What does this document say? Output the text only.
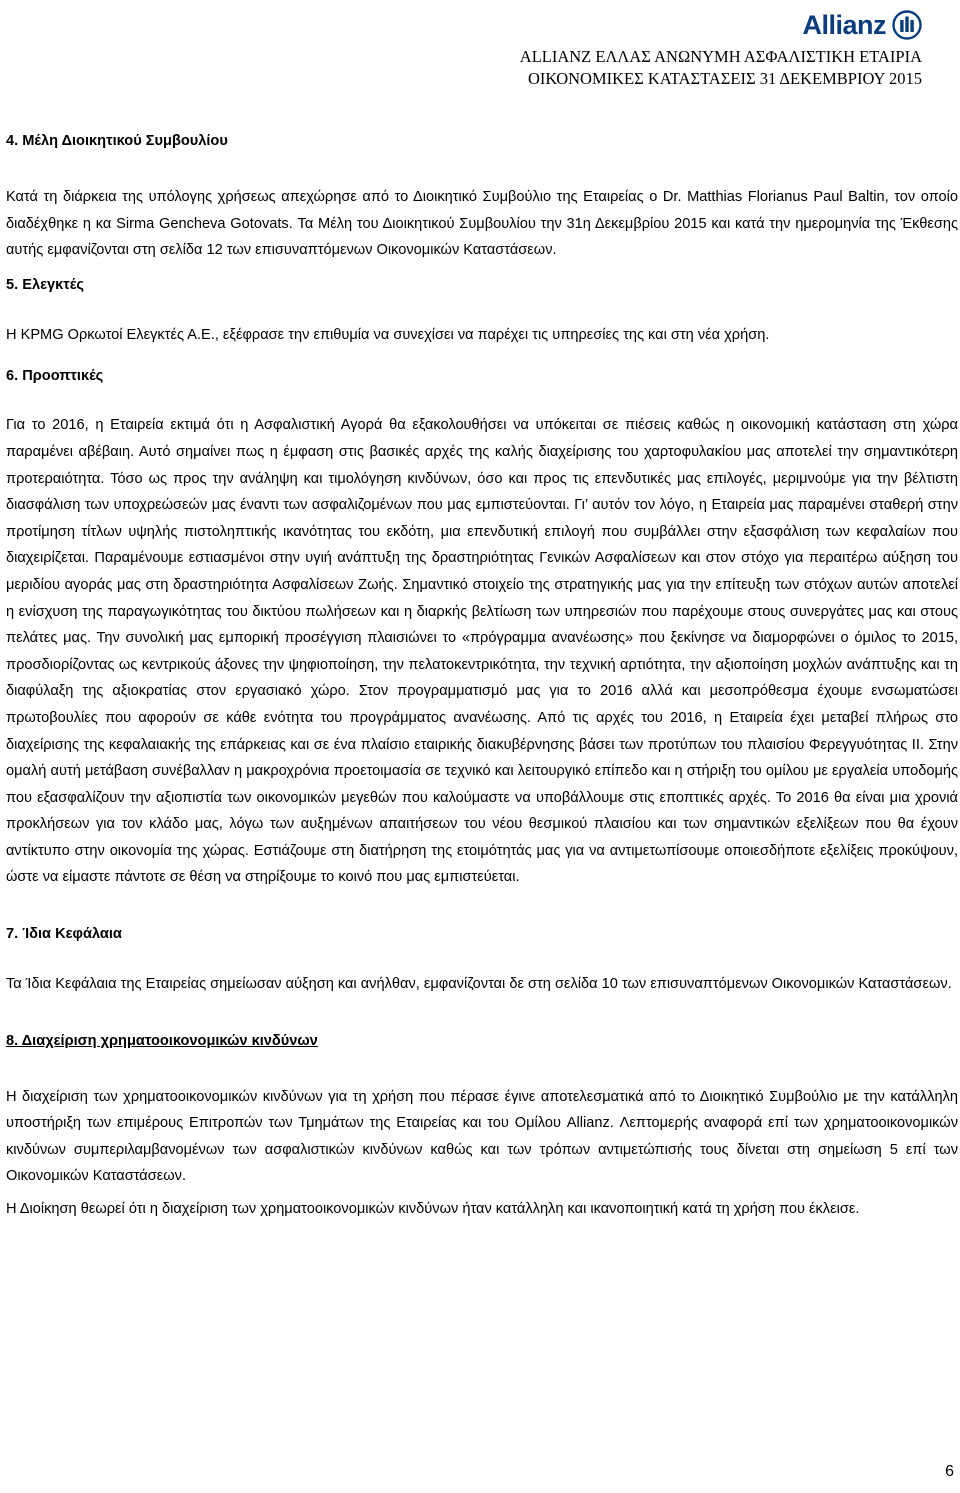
Allianz
ALLIANZ ΕΛΛΑΣ ΑΝΩΝΥΜΗ ΑΣΦΑΛΙΣΤΙΚΗ ΕΤΑΙΡΙΑ
ΟΙΚΟΝΟΜΙΚΕΣ ΚΑΤΑΣΤΑΣΕΙΣ 31 ΔΕΚΕΜΒΡΙΟΥ 2015

4. Μέλη Διοικητικού Συμβουλίου

Κατά τη διάρκεια της υπόλογης χρήσεως απεχώρησε από το Διοικητικό Συμβούλιο της Εταιρείας ο Dr. Matthias Florianus Paul Baltin, τον οποίο διαδέχθηκε η κα Sirma Gencheva Gotovats. Τα Μέλη του Διοικητικού Συμβουλίου την 31η Δεκεμβρίου 2015 και κατά την ημερομηνία της Έκθεσης αυτής εμφανίζονται στη σελίδα 12 των επισυναπτόμενων Οικονομικών Καταστάσεων.

5. Ελεγκτές

Η KPMG Ορκωτοί Ελεγκτές Α.Ε., εξέφρασε την επιθυμία να συνεχίσει να παρέχει τις υπηρεσίες της και στη νέα χρήση.

6. Προοπτικές

Για το 2016, η Εταιρεία εκτιμά ότι η Ασφαλιστική Αγορά θα εξακολουθήσει να υπόκειται σε πιέσεις καθώς η οικονομική κατάσταση στη χώρα παραμένει αβέβαιη. Αυτό σημαίνει πως η έμφαση στις βασικές αρχές της καλής διαχείρισης του χαρτοφυλακίου μας αποτελεί την σημαντικότερη προτεραιότητα. Τόσο ως προς την ανάληψη και τιμολόγηση κινδύνων, όσο και προς τις επενδυτικές μας επιλογές, μεριμνούμε για την βέλτιστη διασφάλιση των υποχρεώσεών μας έναντι των ασφαλιζομένων που μας εμπιστεύονται. Γι’ αυτόν τον λόγο, η Εταιρεία μας παραμένει σταθερή στην προτίμηση τίτλων υψηλής πιστοληπτικής ικανότητας του εκδότη, μια επενδυτική επιλογή που συμβάλλει στην εξασφάλιση των κεφαλαίων που διαχειρίζεται. Παραμένουμε εστιασμένοι στην υγιή ανάπτυξη της δραστηριότητας Γενικών Ασφαλίσεων και στον στόχο για περαιτέρω αύξηση του μεριδίου αγοράς μας στη δραστηριότητα Ασφαλίσεων Ζωής. Σημαντικό στοιχείο της στρατηγικής μας για την επίτευξη των στόχων αυτών αποτελεί η ενίσχυση της παραγωγικότητας του δικτύου πωλήσεων και η διαρκής βελτίωση των υπηρεσιών που παρέχουμε στους συνεργάτες μας και στους πελάτες μας. Την συνολική μας εμπορική προσέγγιση πλαισιώνει το «πρόγραμμα ανανέωσης» που ξεκίνησε να διαμορφώνει ο όμιλος το 2015, προσδιορίζοντας ως κεντρικούς άξονες την ψηφιοποίηση, την πελατοκεντρικότητα, την τεχνική αρτιότητα, την αξιοποίηση μοχλών ανάπτυξης και τη διαφύλαξη της αξιοκρατίας στον εργασιακό χώρο. Στον προγραμματισμό μας για το 2016 αλλά και μεσοπρόθεσμα έχουμε ενσωματώσει πρωτοβουλίες που αφορούν σε κάθε ενότητα του προγράμματος ανανέωσης. Από τις αρχές του 2016, η Εταιρεία έχει μεταβεί πλήρως στο διαχείρισης της κεφαλαιακής της επάρκειας και σε ένα πλαίσιο εταιρικής διακυβέρνησης βάσει των προτύπων του πλαισίου Φερεγγυότητας ΙΙ. Στην ομαλή αυτή μετάβαση συνέβαλλαν η μακροχρόνια προετοιμασία σε τεχνικό και λειτουργικό επίπεδο και η στήριξη του ομίλου με εργαλεία υποδομής που εξασφαλίζουν την αξιοπιστία των οικονομικών μεγεθών που καλούμαστε να υποβάλλουμε στις εποπτικές αρχές. Το 2016 θα είναι μια χρονιά προκλήσεων για τον κλάδο μας, λόγω των αυξημένων απαιτήσεων του νέου θεσμικού πλαισίου και των σημαντικών εξελίξεων που θα έχουν αντίκτυπο στην οικονομία της χώρας. Εστιάζουμε στη διατήρηση της ετοιμότητάς μας για να αντιμετωπίσουμε οποιεσδήποτε εξελίξεις προκύψουν, ώστε να είμαστε πάντοτε σε θέση να στηρίξουμε το κοινό που μας εμπιστεύεται.

7. Ίδια Κεφάλαια

Τα Ίδια Κεφάλαια της Εταιρείας σημείωσαν αύξηση και ανήλθαν, εμφανίζονται δε στη σελίδα 10 των επισυναπτόμενων Οικονομικών Καταστάσεων.

8. Διαχείριση χρηματοοικονομικών κινδύνων

Η διαχείριση των χρηματοοικονομικών κινδύνων για τη χρήση που πέρασε έγινε αποτελεσματικά από το Διοικητικό Συμβούλιο με την κατάλληλη υποστήριξη των επιμέρους Επιτροπών των Τμημάτων της Εταιρείας και του Ομίλου Allianz. Λεπτομερής αναφορά επί των χρηματοοικονομικών κινδύνων συμπεριλαμβανομένων των ασφαλιστικών κινδύνων καθώς και των τρόπων αντιμετώπισής τους δίνεται στη σημείωση 5 επί των Οικονομικών Καταστάσεων.

Η Διοίκηση θεωρεί ότι η διαχείριση των χρηματοοικονομικών κινδύνων ήταν κατάλληλη και ικανοποιητική κατά τη χρήση που έκλεισε.

6
